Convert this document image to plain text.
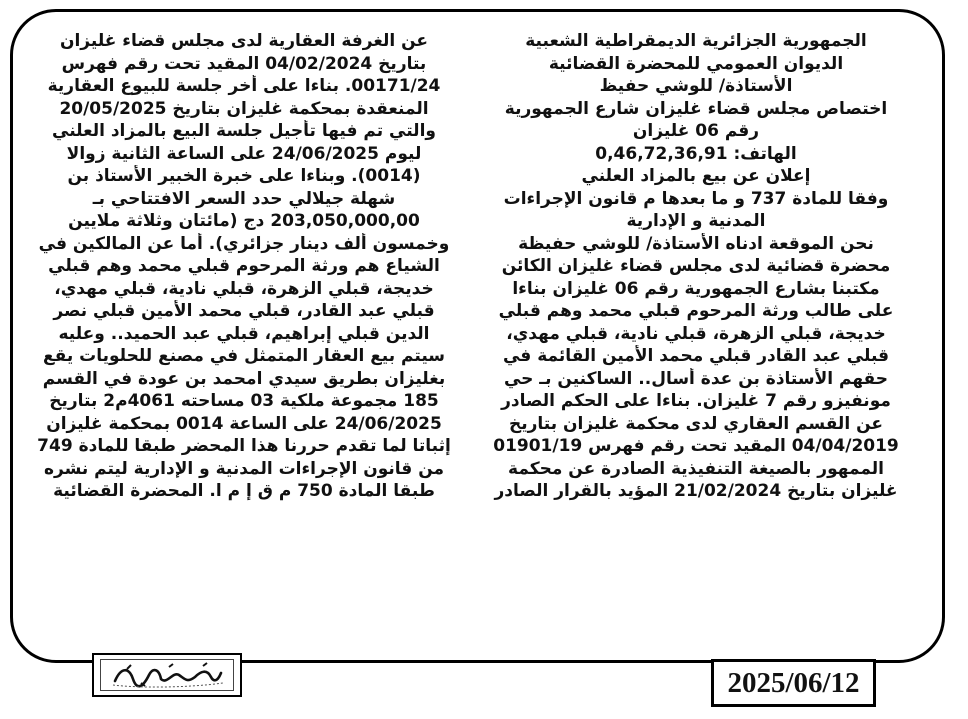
الجمهورية الجزائرية الديمقراطية الشعبية
الديوان العمومي للمحضرة القضائية
الأستاذة/ للوشي حفيظ
اختصاص مجلس قضاء غليزان شارع الجمهورية
رقم 06 غليزان
الهاتف: 0,46,72,36,91
إعلان عن بيع بالمزاد العلني
وفقا للمادة 737 و ما بعدها م قانون الإجراءات
المدنية و الإدارية
نحن الموقعة ادناه الأستاذة/ للوشي حفيظة
محضرة قضائية لدى مجلس قضاء غليزان الكائن
مكتبنا بشارع الجمهورية رقم 06 غليزان بناءا
على طالب ورثة المرحوم قبلي محمد وهم قبلي
خديجة، قبلي الزهرة، قبلي نادية، قبلي مهدي،
قبلي عبد القادر قبلي محمد الأمين القائمة في
حقهم الأستاذة بن عدة أسال.. الساكنين بـ حي
مونفيزو رقم 7 غليزان. بناءا على الحكم الصادر
عن القسم العقاري لدى محكمة غليزان بتاريخ
04/04/2019 المقيد تحت رقم فهرس 01901/19
الممهور بالصيغة التنفيذية الصادرة عن محكمة
غليزان بتاريخ 21/02/2024 المؤيد بالقرار الصادر
عن الغرفة العقارية لدى مجلس قضاء غليزان
بتاريخ 04/02/2024 المقيد تحت رقم فهرس
00171/24. بناءا على أخر جلسة للبيوع العقارية
المنعقدة بمحكمة غليزان بتاريخ 20/05/2025
والتي تم فيها تأجيل جلسة البيع بالمزاد العلني
ليوم 24/06/2025 على الساعة الثانية زوالا
(0014). وبناءا على خبرة الخبير الأستاذ بن
شهلة جيلالي حدد السعر الافتتاحي بـ
203,050,000,00 دج (مائتان وثلاثة ملايين
وخمسون ألف دينار جزائري). أما عن المالكين في
الشياع هم ورثة المرحوم قبلي محمد وهم قبلي
خديجة، قبلي الزهرة، قبلي نادية، قبلي مهدي،
قبلي عبد القادر، قبلي محمد الأمين قبلي نصر
الدين قبلي إبراهيم، قبلي عبد الحميد.. وعليه
سيتم بيع العقار المتمثل في مصنع للحلويات يقع
بغليزان بطريق سيدي امحمد بن عودة في القسم
185 مجموعة ملكية 03 مساحته 4061م2 بتاريخ
24/06/2025 على الساعة 0014 بمحكمة غليزان
إثباتا لما تقدم حررنا هذا المحضر طبقا للمادة 749
من قانون الإجراءات المدنية و الإدارية ليتم نشره
طبقا المادة 750 م ق إ م ا. المحضرة القضائية
2025/06/12
